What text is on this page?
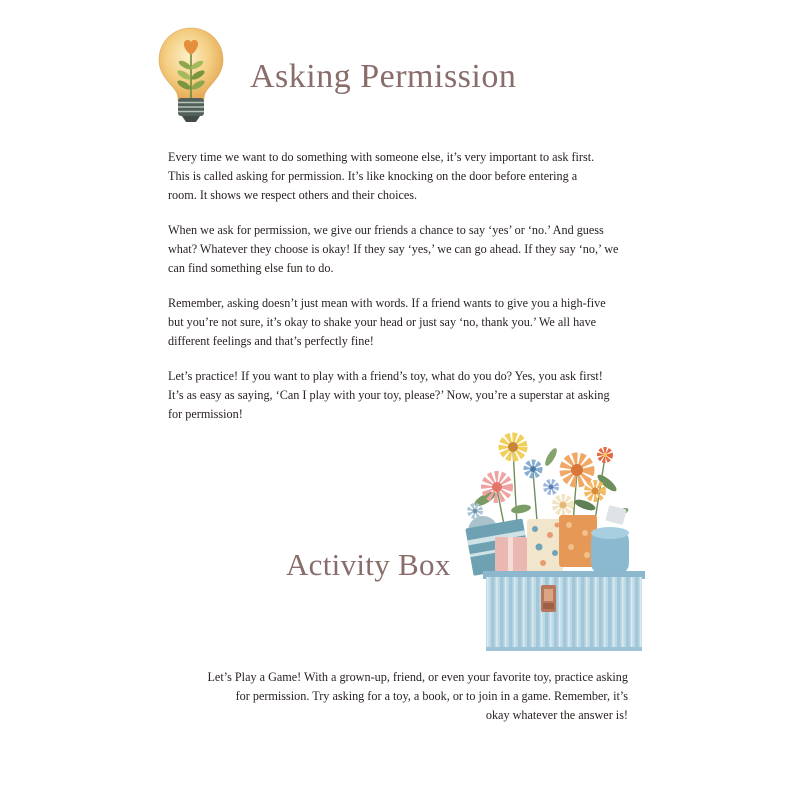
Asking Permission
Every time we want to do something with someone else, it’s very important to ask first.
This is called asking for permission. It’s like knocking on the door before entering a
room. It shows we respect others and their choices.
When we ask for permission, we give our friends a chance to say ‘yes’ or ‘no.’ And guess
what? Whatever they choose is okay! If they say ‘yes,’ we can go ahead. If they say ‘no,’ we
can find something else fun to do.
Remember, asking doesn’t just mean with words. If a friend wants to give you a high-five
but you’re not sure, it’s okay to shake your head or just say ‘no, thank you.’ We all have
different feelings and that’s perfectly fine!
Let’s practice! If you want to play with a friend’s toy, what do you do? Yes, you ask first!
It’s as easy as saying, ‘Can I play with your toy, please?’ Now, you’re a superstar at asking
for permission!
Activity Box
Let’s Play a Game! With a grown-up, friend, or even your favorite toy, practice asking
for permission. Try asking for a toy, a book, or to join in a game. Remember, it’s
okay whatever the answer is!
